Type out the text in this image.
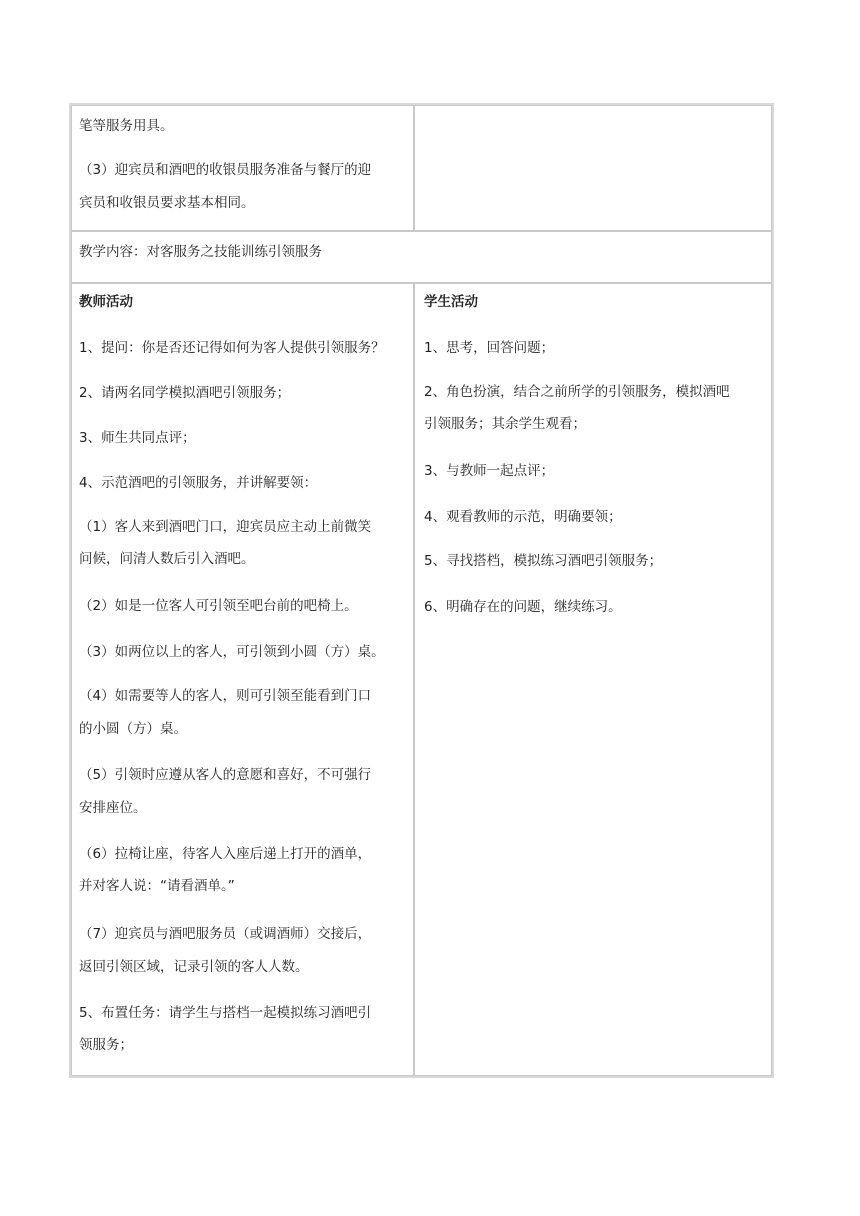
笔等服务用具。

（3）迎宾员和酒吧的收银员服务准备与餐厅的迎

宾员和收银员要求基本相同。

教学内容：对客服务之技能训练引领服务

教师活动

1、提问：你是否还记得如何为客人提供引领服务？

2、请两名同学模拟酒吧引领服务；

3、师生共同点评；

4、示范酒吧的引领服务，并讲解要领：

（1）客人来到酒吧门口，迎宾员应主动上前微笑

问候，问清人数后引入酒吧。

（2）如是一位客人可引领至吧台前的吧椅上。

（3）如两位以上的客人，可引领到小圆（方）桌。

（4）如需要等人的客人，则可引领至能看到门口

的小圆（方）桌。

（5）引领时应遵从客人的意愿和喜好，不可强行

安排座位。

（6）拉椅让座，待客人入座后递上打开的酒单，

并对客人说：“请看酒单。”

（7）迎宾员与酒吧服务员（或调酒师）交接后，

返回引领区域，记录引领的客人人数。

5、布置任务：请学生与搭档一起模拟练习酒吧引

领服务；

学生活动

1、思考，回答问题；

2、角色扮演，结合之前所学的引领服务，模拟酒吧

引领服务；其余学生观看；

3、与教师一起点评；

4、观看教师的示范，明确要领；

5、寻找搭档，模拟练习酒吧引领服务；

6、明确存在的问题，继续练习。
